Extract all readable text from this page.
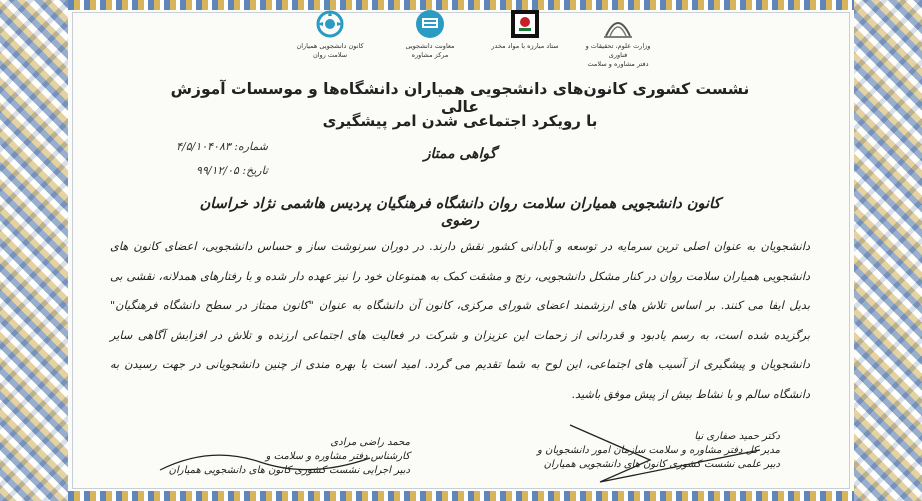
کانون دانشجویی همیاران
سلامت روان
معاونت دانشجویی
مرکز مشاوره
ستاد مبارزه با مواد مخدر	وزارت علوم، تحقیقات و فناوری
دفتر مشاوره و سلامت
نشست کشوری کانون‌های دانشجویی همیاران دانشگاه‌ها و موسسات آموزش عالی
با رویکرد اجتماعی شدن امر پیشگیری
گواهی ممتاز
شماره: ۴/۵/۱۰۴۰۸۳
تاریخ: ۹۹/۱۲/۰۵
کانون دانشجویی همیاران سلامت روان دانشگاه فرهنگیان پردیس هاشمی نژاد خراسان رضوی
دانشجویان به عنوان اصلی ترین سرمایه در توسعه و آبادانی کشور نقش دارند. در دوران سرنوشت ساز و حساس دانشجویی، اعضای کانون های دانشجویی همیاران سلامت روان در کنار مشکل دانشجویی، رنج و مشقت کمک به همنوعان خود را نیز عهده دار شده و با رفتارهای همدلانه، نقشی بی بدیل ایفا می کنند. بر اساس تلاش های ارزشمند اعضای شورای مرکزی، کانون آن دانشگاه به عنوان "کانون ممتاز در سطح دانشگاه فرهنگیان" برگزیده شده است، به رسم یادبود و قدردانی از زحمات این عزیزان و شرکت در فعالیت های اجتماعی ارزنده و تلاش در افزایش آگاهی سایر دانشجویان و پیشگیری از آسیب های اجتماعی، این لوح به شما تقدیم می گردد. امید است با بهره مندی از چنین دانشجویانی در جهت رسیدن به دانشگاه سالم و با نشاط بیش از پیش موفق باشید.
محمد راضی مرادی
کارشناس دفتر مشاوره و سلامت و
دبیر اجرایی نشست کشوری کانون های دانشجویی همیاران
دکتر حمید صفاری نیا
مدیر کل دفتر مشاوره و سلامت سازمان امور دانشجویان و
دبیر علمی نشست کشوری کانون های دانشجویی همیاران
